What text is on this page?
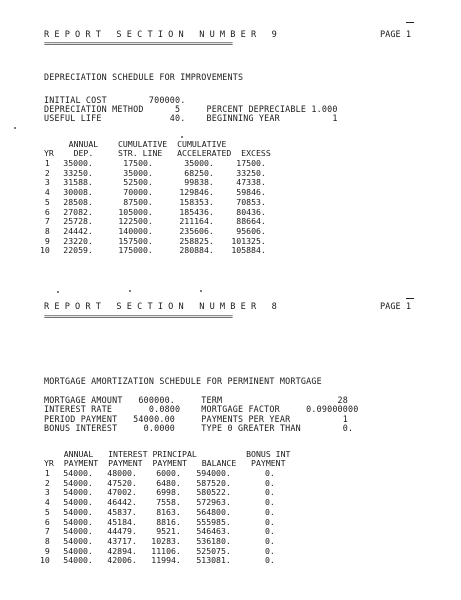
R E P O R T   S E C T I O N   N U M B E R   9	PAGE 1
================================================
DEPRECIATION SCHEDULE FOR IMPROVEMENTS
INITIAL COST        700000.
DEPRECIATION METHOD      5     PERCENT DEPRECIABLE 1.000
USEFUL LIFE             40.    BEGINNING YEAR          1
ANNUAL    CUMULATIVE  CUMULATIVE
YR    DEP.     STR. LINE   ACCELERATED  EXCESS
1	35000.	17500.	35000.	17500.
2	33250.	35000.	68250.	33250.
3	31588.	52500.	99838.	47338.
4	30008.	70000.	129846.	59846.
5	28508.	87500.	158353.	70853.
6	27082.	105000.	185436.	80436.
7	25728.	122500.	211164.	88664.
8	24442.	140000.	235606.	95606.
9	23220.	157500.	258825.	101325.
10	22059.	175000.	280884.	105884.
R E P O R T   S E C T I O N   N U M B E R   8	PAGE 1
================================================
MORTGAGE AMORTIZATION SCHEDULE FOR PERMINENT MORTGAGE
MORTGAGE AMOUNT   600000.     TERM                      28
INTEREST RATE       0.0800    MORTGAGE FACTOR     0.09000000
PERIOD PAYMENT   54000.00     PAYMENTS PER YEAR          1
BONUS INTEREST     0.0000     TYPE 0 GREATER THAN        0.
ANNUAL   INTEREST PRINCIPAL          BONUS INT
YR  PAYMENT  PAYMENT  PAYMENT   BALANCE   PAYMENT
1	54000.	48000.	6000.	594000.	0.
2	54000.	47520.	6480.	587520.	0.
3	54000.	47002.	6998.	580522.	0.
4	54000.	46442.	7558.	572963.	0.
5	54000.	45837.	8163.	564800.	0.
6	54000.	45184.	8816.	555985.	0.
7	54000.	44479.	9521.	546463.	0.
8	54000.	43717.	10283.	536180.	0.
9	54000.	42894.	11106.	525075.	0.
10	54000.	42006.	11994.	513081.	0.
